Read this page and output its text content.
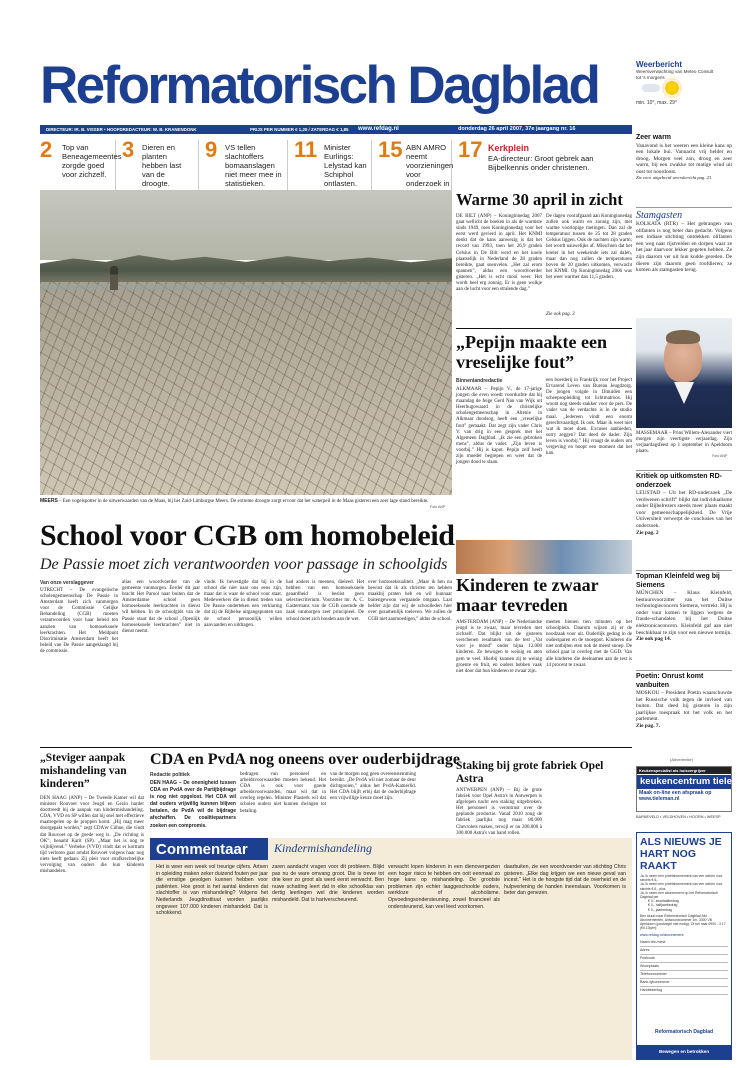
Reformatorisch Dagblad	Weerbericht
Weersverwachting van Meteo Consult
tot 's morgens
min. 10°, max. 29°
DIRECTEUR: IR. B. VISSER • HOOFDREDACTEUR: W. B. KRANENDONK	PRIJS PER NUMMER € 1,25 / ZATERDAG € 1,85 www.refdag.nl	donderdag 26 april 2007, 37e jaargang nr. 16
2 Top van Beneagemeentes zorgde goed voor zichzelf.
3 Dieren en planten hebben last van de droogte.
9 VS tellen slachtoffers bomaanslagen niet meer mee in statistieken.
11 Minister Eurlings: Lelystad kan Schiphol ontlasten.
15 ABN AMRO neemt voorzieningen voor onderzoek in
17 Kerkplein
EA-directeur: Groot gebrek aan Bijbelkennis onder christenen.
Zeer warm
Vanavond is het weeren een kleine kans op een lokale bui. Vannacht vrij helder en droog. Morgen veel zon, droog en zeer warm, bij een zwakke tot matige wind uit oost tot noordoost.
Zie voor uitgebreid weersbericht pag. 23.
Stamgasten
KOLKATA (RTR) – Het gebrangen van olifanten is nog beter dan gedacht. Volgens een indiase stichting ontdekken olifanten een weg naar rijstvelden en dorpen waar ze het jaar daarvoor lekker gegeten hebben. Ze zijn daarom ver uit hun kudde gereden. De dieren zijn daarom geen roofdieren; ze komen als stamgasten terug.
MASSEMAAR – Prins Willem-Alexander viert morgen zijn veertigste verjaardag. Zijn verjaardagsfeest op 1 september in Apeldoorn plaats.
Foto ANP
Kritiek op uitkomsten RD-onderzoek
LEUSTAD – Uit het RD-onderzoek „De verdwenen schrift” blijkt dat individualisme onder Bijbelrezers steeds meer plaats maakt voor gemeenschappelijkheid. De Vrije Universiteit verwerpt de conclusies van het onderzoek.
Zie pag. 2
Topman Kleinfeld weg bij Siemens
MÜNCHEN – Klaus Kleinfeld, bestuursvoorzitter van het Duitse technologieconcern Siemens, vertrekt. Hij is onder vuur komen te liggen wegens de fraude-schandalen bij het Duitse elektronicaconcern. Kleinfeld gaf aan niet beschikbaar te zijn voor een nieuwe termijn.
Zie ook pag 14.
Poetin: Onrust komt vanbuiten
MOSKOU – President Poetin waarschuwde het Russische volk tegen de invloed van buiten. Dat deed hij gisteren in zijn jaarlijkse toespraak tot het volk en het parlement.
Zie pag. 7.
(Advertentie)
Keukenspecialist als huisvergrijzer
keukencentrum tieleman
Maak on-line een afspraak op www.tieleman.nl
BARNEVELD • VELDHOVEN • HOORN • WEESP
Warme 30 april in zicht

DE BILT (ANP) – Koninginnedag 2007 gaat wellicht de boeken in als de warmste sinds 1949, toen Koninginnedag voor het eerst werd gevierd in april. Het KNMI denkt dat de kans aanwezig is dat het record van 1993, toen het 26,9 graden Celsius in De Bilt werd en het koele plaatselijk in Nederland de 28 graden bereikte, gaat sneuvelen. „Het zal erom spannen”, aldus een woordvoerder gisteren. „Het is echt mooi weer. Het wordt heel erg zonnig. Er is geen wolkje aan de lucht voor een stralende dag.”

De dagen voorafgaand aan Koninginnedag zullen ook warm en zonnig zijn, met warme voorlopige metingen. Dan zal de temperatuur tussen de 25 tot 28 graden Celsius liggen. Ook de nachten zijn warm; het wordt nauwelijks af. Misschien dat het koeler in het weekeinde iets zal daIen, maar dan nog zullen de temperaturen boven de 20 graden uitkomen, verwacht het KNMI. Op Koninginnedag 2006 was het weer warmer dan 11,5 graden.

Zie ook pag. 3
MEERS – Een vogelspotter in de uitwerwaarden van de Maas, bij het Zuid-Limburgse Meers. De extreme droogte zorgt ervoor dat het waterpeil in de Maas gisteren een zeer lage stand bereikte.
Foto ANP
„Pepijn maakte een vreselijke fout”
Binnenlandredactie

ALKMAAR – Pepijn V., de 17-jarige jongen die even woedt voorduchte dat hij maandag de feige Gerd Nan van Wijk uit Heerhugowaard in de christelijke scholengemeenschap in Altenie in Alkmaar doodsog, heeft een „vreselijke fout” gemaakt. Dat zegt zijn vader Chris V. van drig in een gesprek met het Algemeen Dagblad. „Ik zie een gebroken mens”, aldus de vader. „Zijn leven is voorbij.” Hij is kapot. Pepijn zelf heeft zijn moeder begrepen en weet dat de jongen dood te slaan.

een boerderij in Frankrijk voor het Project Ervarend Leven van Bureau Jeugdzorg. De jongen volgde in IJmuiden een scheepsopleiding tot lichtmatroos. Hij woont nog steeds stakker voor de pers. De vader van de verdachte is in de studio maal. „Iedereen vindt een enorm gerechtvaardigd. Ik ook. Maar ik weet niet wat ik moet doen. Excuses aanbieden, sorry zeggen? Dat deed de dader. Zijn leven is voorbij.” Hij vraagt de ouders om vergeving en hoopt een moment dat het kan.

Kinderen te zwaar maar tevreden

AMSTERDAM (ANP) – De Nederlandse jeugd is te zwaar, maar tevreden met zichzelf. Dat blijkt uit de gisteren verschenen resultaten van de test „Vat voor je mond” onder bijna 12.000 kinderen. Ze bewogen te weinig en aten gem te veel. Hierbij kunnen zij te weinig groente en fruit, en ouders hebben vaak niet door dat hun kinderen te zwaar zijn.

meeten binnen tien minuten op het schoolplein. Daarom wijzen zij er de noodzaak voor uit. Ouderlijk gedrag in de oudersparen en de snoeppot. Kinderen die niet ontbijten eten ook de meest snoep. De school gaat in overleg met de GGD. Van alle kinderen die deelnamen aan de test is 14 procent te zwaar.

School voor CGB om homobeleid
De Passie moet zich verantwoorden voor passage in schoolgids
Van onze verslaggever

UTRECHT – De evangelische scholengemeenschap De Passie in Amsterdam heeft zich vanmorgen voor de Commissie Gelijke Behandeling (CGB) moeten verantwoorden voor haar beleid ten aanzien van homoseksuele leerkrachten. Het Meldpunt Discriminatie Amsterdam heeft het beleid van De Passie aangeklaagd bij de commissie.

alias een woordvoerder van de gemeente vanmorgen. Eerder dit jaar bracht Het Parool naar buiten dat de Amsterdamse school geen homoseksuele leerkrachten in dienst wil hebben. In de schoolgids van de Passie staat dat de school „Openlijk homoseksuele leerkrachten” niet in dienst neemt.

vinde. Ik bevestigde dat hij in de school die niet naar ons eens zijn, maar dat is waar de school voor staat. Medewerkers die in dienst treden van De Passie onderteken een verklaring dat zij de Bijbelse uitgangspunten van de school persoonlijk willen aanvaarden en uitdragen.

had anders is meenen, dieleed. Het hebben van een homoseksuele geaardheid is beslist geen selectiecriterium. Voorzitter mr. A. C. Gastermans van de CGB noemde de zaak vanmorgen zeer principieel. De school moet zich houden aan de wet.

over homoseksualiteit. „Maar ik ben nu bewust dat ik als christen ten hebben maakbij praten heb en wil hunnaar buitengewoon vergaande omgaan. Laat helder zijn dat wij de schoolleden hier over gezamenlijk toeleven. We zullen de CGB niet aanmoedigen,” aldus de school.

„Steviger aanpak mishandeling van kinderen”

DEN HAAG (ANP) – De Tweede Kamer wil dat minister Rouvoet voor Jeugd en Gezin harder doortreedt bij de aanpak van kindermishandeling. CDA, VVD en SP willen dat hij snel met effectieve maatregelen op de proppen komt. „Hij mag meer doorgepakt worden,” zegt CDA'er Cöhne, die vindt dat Rouvoet op de goede weg is. „De richting is OK”, beaamt Karit (SP). „Maar het is nog te vrijblijvend.” Verbeke (VVD) vindt dat er korttum tijd verloren gaat omdat Rouvoet volgens haar nog niets heeft gedaan. Zij pleit voor strafkrechtelijke vervolging van ouders die kun kinderen mishandelen.

CDA en PvdA nog oneens over ouderbijdrage
Redactie politiek

DEN HAAG – De onenigheid tussen CDA en PvdA over de Partijbijdrage is nog niet opgelost. Het CDA wil dat ouders vrijwillig kunnen blijven betalen, de PvdA wil de bijdrage afschaffen. De coalitiepartners zoeken een compromis.

bedragen van personeel en arbeidsvoorwaarden moeten bekend. Het CDA is ook voor goede arbeidsvoorwaarden, maar wil dat in overleg regelen. Minister Plasterk wil dat scholen ouders niet kunnen dwingen tot betaling.

van de morgen nog geen overeenstemming bereikt. „De PvdA wil niet zomaar de deur dichtgooien,” aldus het PvdA-Kamerlid. Het CDA blijft erbij dat de ouderbijdrage een vrijwillige keuze moet zijn.

Staking bij grote fabriek Opel Astra

ANTWERPEN (ANP) – Bij de grote fabriek voor Opel Astra's in Antwerpen is afgelopen nacht een staking uitgebroken. Het personeel is verontrust over de geplande productie. Vanaf 2010 zoug de fabriek jaarlijks nog maar 80.000 Chevrolets maken, terwijl er nu 200.000 à 300.000 Astra's van band rollen.

Commentaar Kindermishandeling

Het is weer een week vol treurige cijfers. Artsen in opleiding maken zeker duizend fouten per jaar die ernstige gevolgen kunnen hebben voor patiënten. Hoe groot is het aantal kinderen dat slachtoffer is van mishandeling? Volgens het Nederlands Jeugdinstituut worden jaarlijks ongeveer 107.000 kinderen mishandeld. Dat is schokkend.

zaren aandacht vragen voor dit probleem. Blijkt pas nu de ware omvang groot. Die is trewe tot drie keer zo groot als werd eerst verwacht. Ben nuwe schatting leert dat in elke schoolklas van dertig leerlingen wel drie kinderen worden mishandeld. Dat is hartverscheurend.

verwacht lopen kinderen in een dienovergezien een hoger risico te hebben om ooit eenmaal zo hoge kans op mishandeling. De grootste problemen zijn echter laaggeschoolde ouders, werkloze of alcoholisme. Opvoedingsondersteuning, zowel financieel als ondersteunend, kan veel leed voorkomen.

daarbuiten, zie een woordvoerder van stichting Chris gisteren. „Elke dag krijgen we een nieuw geval van incest.” Het is de hoogste tijd dat de overheid en de hulpverlening de handen ineenslaan. Voorkomen is beter dan genezen.

ALS NIEUWS JE HART NOG RAAKT
Ja, ik neem een proefabonnement van vier weken voor slechts € 6,-
Ja, ik neem een proefabonnement van vier weken voor slechts € 6,- plus
Ja, ik neem een abonnement op het Reformatorisch Dagblad per
€ 0,- kwartaalbedrag
€ 0,- halfjaarbedrag
€ 0,- jaarbedrag
Ben stuurt naar Reformatorisch Dagblad Afd. Abonnementen, Antwoordnummer 1m, 3300 VB Apeldoorn (postzegel niet nodig). Of bel naar 0900 - 3 17 (€0,10p/m)
www.refdag.nl/abonnement
Naam dhr./mevr.
Adres
Postcode
Woonplaats
Telefoonnummer
Bank-/gironummer
Handtekening
Reformatorisch Dagblad
Bewegen en betrokken
